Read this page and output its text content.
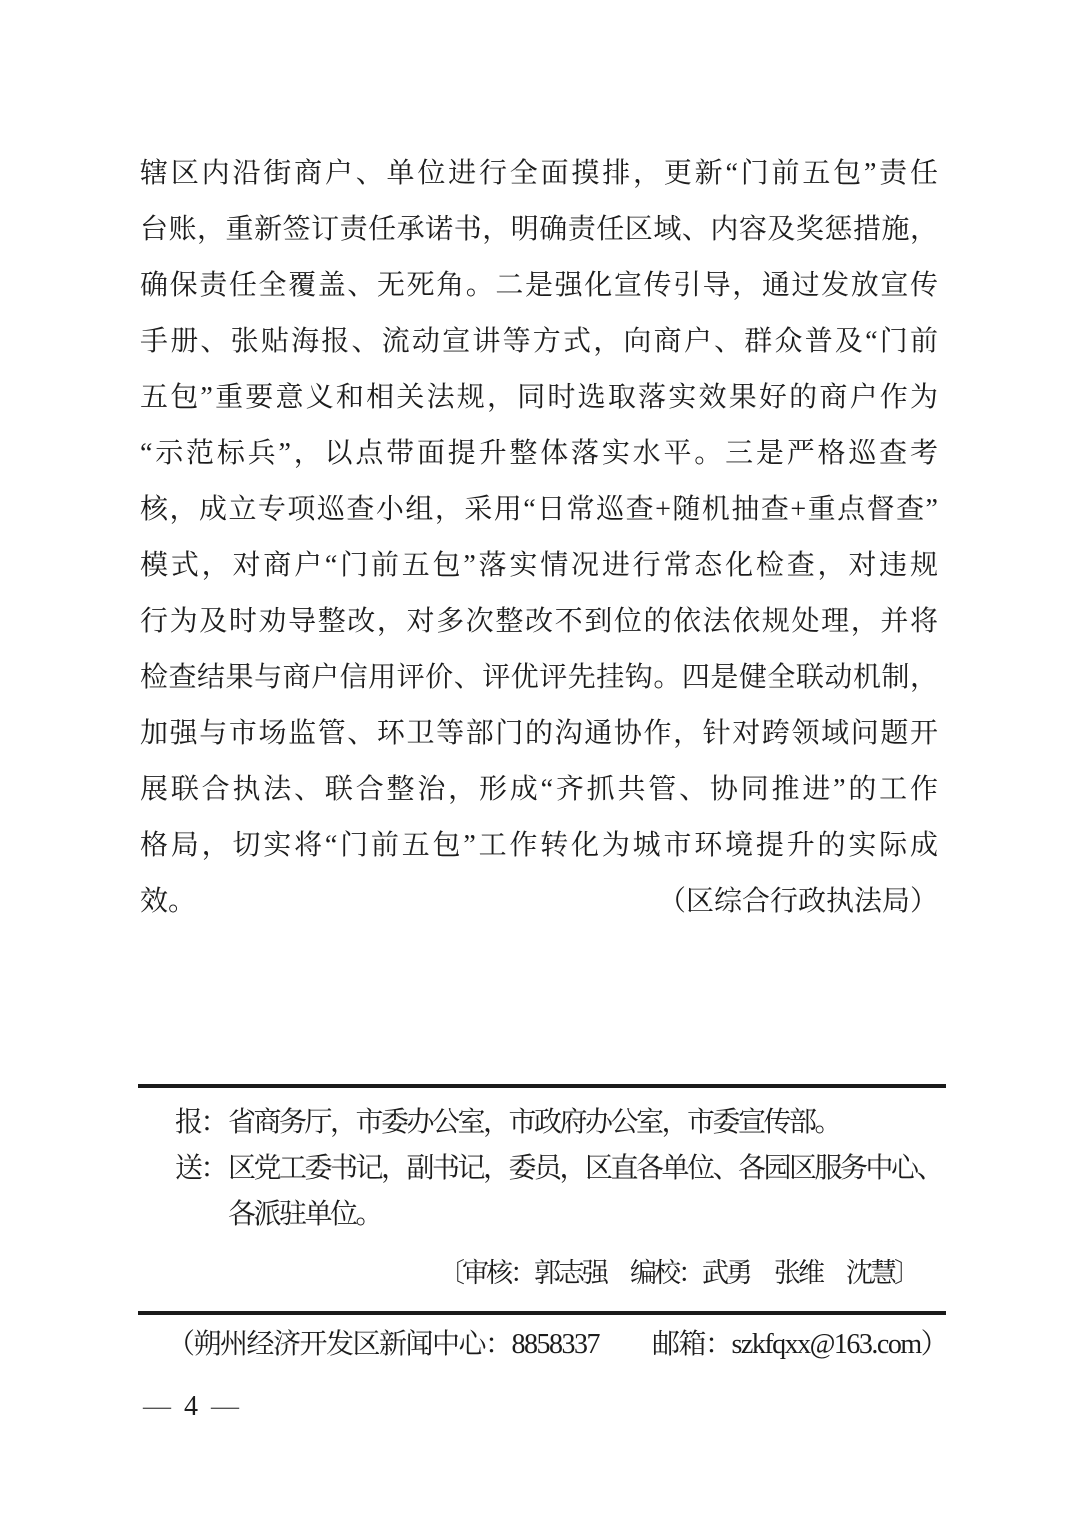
辖区内沿街商户、单位进行全面摸排，更新“门前五包”责任
台账，重新签订责任承诺书，明确责任区域、内容及奖惩措施，
确保责任全覆盖、无死角。二是强化宣传引导，通过发放宣传
手册、张贴海报、流动宣讲等方式，向商户、群众普及“门前
五包”重要意义和相关法规，同时选取落实效果好的商户作为
“示范标兵”，以点带面提升整体落实水平。三是严格巡查考
核，成立专项巡查小组，采用“日常巡查+随机抽查+重点督查”
模式，对商户“门前五包”落实情况进行常态化检查，对违规
行为及时劝导整改，对多次整改不到位的依法依规处理，并将
检查结果与商户信用评价、评优评先挂钩。四是健全联动机制，
加强与市场监管、环卫等部门的沟通协作，针对跨领域问题开
展联合执法、联合整治，形成“齐抓共管、协同推进”的工作
格局，切实将“门前五包”工作转化为城市环境提升的实际成
效。	（区综合行政执法局）
报：省商务厅，市委办公室，市政府办公室，市委宣传部。
送：区党工委书记，副书记，委员，区直各单位、各园区服务中心、
各派驻单位。
〔审核：郭志强　编校：武勇　张维　沈慧〕
（朔州经济开发区新闻中心：8858337　　邮箱：szkfqxx@163.com）
— 4 —
